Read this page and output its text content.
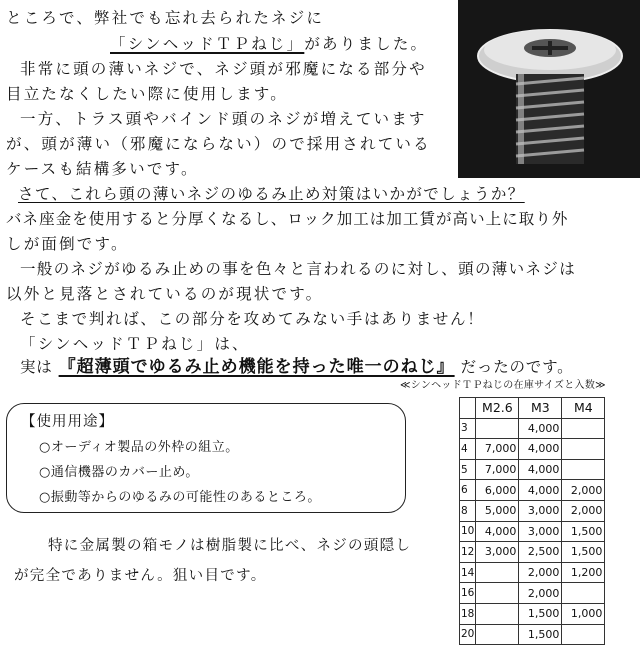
ところで、弊社でも忘れ去られたネジに
「シンヘッドＴＰねじ」がありました。
非常に頭の薄いネジで、ネジ頭が邪魔になる部分や
目立たなくしたい際に使用します。
一方、トラス頭やバインド頭のネジが増えています
が、頭が薄い（邪魔にならない）ので採用されている
ケースも結構多いです。
さて、これら頭の薄いネジのゆるみ止め対策はいかがでしょうか？
バネ座金を使用すると分厚くなるし、ロック加工は加工賃が高い上に取り外
しが面倒です。
一般のネジがゆるみ止めの事を色々と言われるのに対し、頭の薄いネジは
以外と見落とされているのが現状です。
そこまで判れば、この部分を攻めてみない手はありません！
「シンヘッドＴＰねじ」は、
実は 『超薄頭でゆるみ止め機能を持った唯一のねじ』 だったのです。
【使用用途】
○オーディオ製品の外枠の組立。
○通信機器のカバー止め。
○振動等からのゆるみの可能性のあるところ。
特に金属製の箱モノは樹脂製に比べ、ネジの頭隠し
が完全でありません。狙い目です。
≪シンヘッドＴＰねじの在庫サイズと入数≫
	M2.6	M3	M4
3		4,000	
4	7,000	4,000	
5	7,000	4,000	
6	6,000	4,000	2,000
8	5,000	3,000	2,000
10	4,000	3,000	1,500
12	3,000	2,500	1,500
14		2,000	1,200
16		2,000	
18		1,500	1,000
20		1,500	
